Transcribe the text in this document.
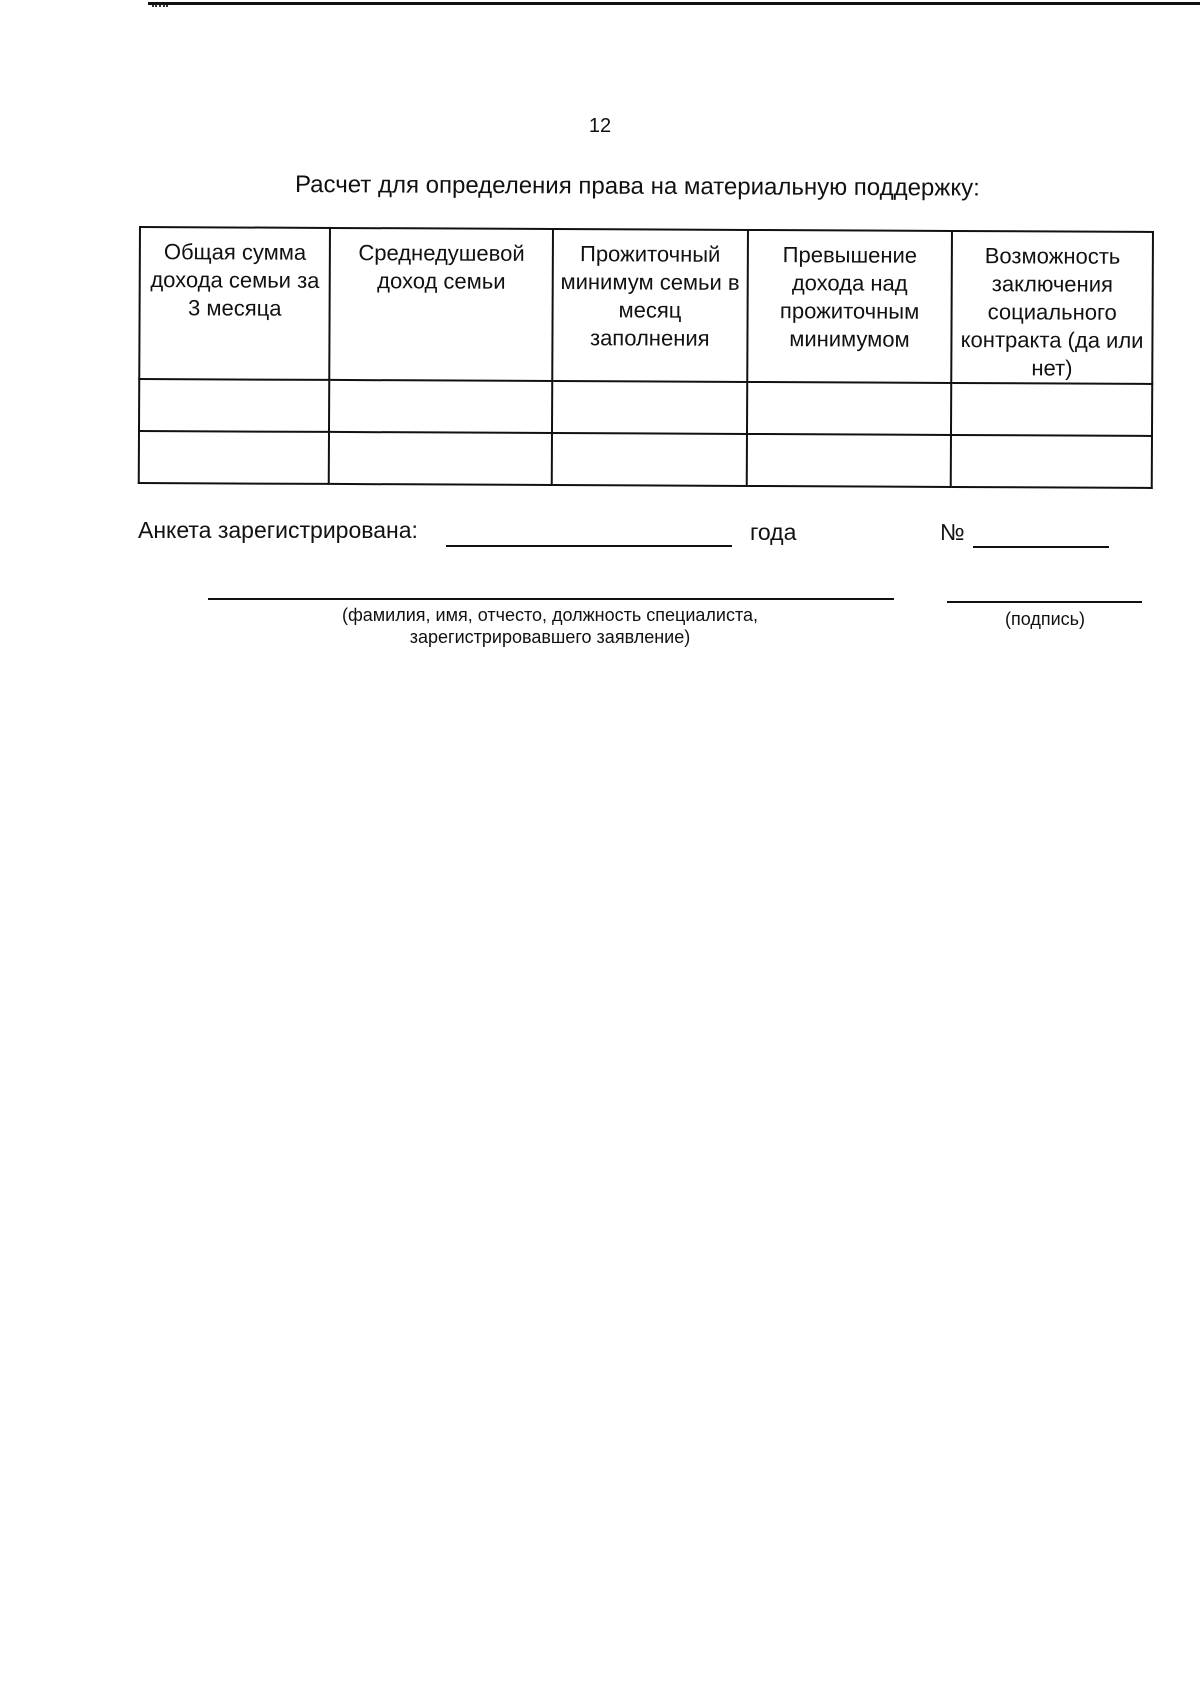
12
Расчет для определения права на материальную поддержку:
Общая сумма дохода семьи за 3 месяца	Среднедушевой доход семьи	Прожиточный минимум семьи в месяц заполнения	Превышение дохода над прожиточным минимумом	Возможность заключения социального контракта (да или нет)

Анкета зарегистрирована:	года	№
(фамилия, имя, отчесто, должность специалиста, зарегистрировавшего заявление)
(подпись)
